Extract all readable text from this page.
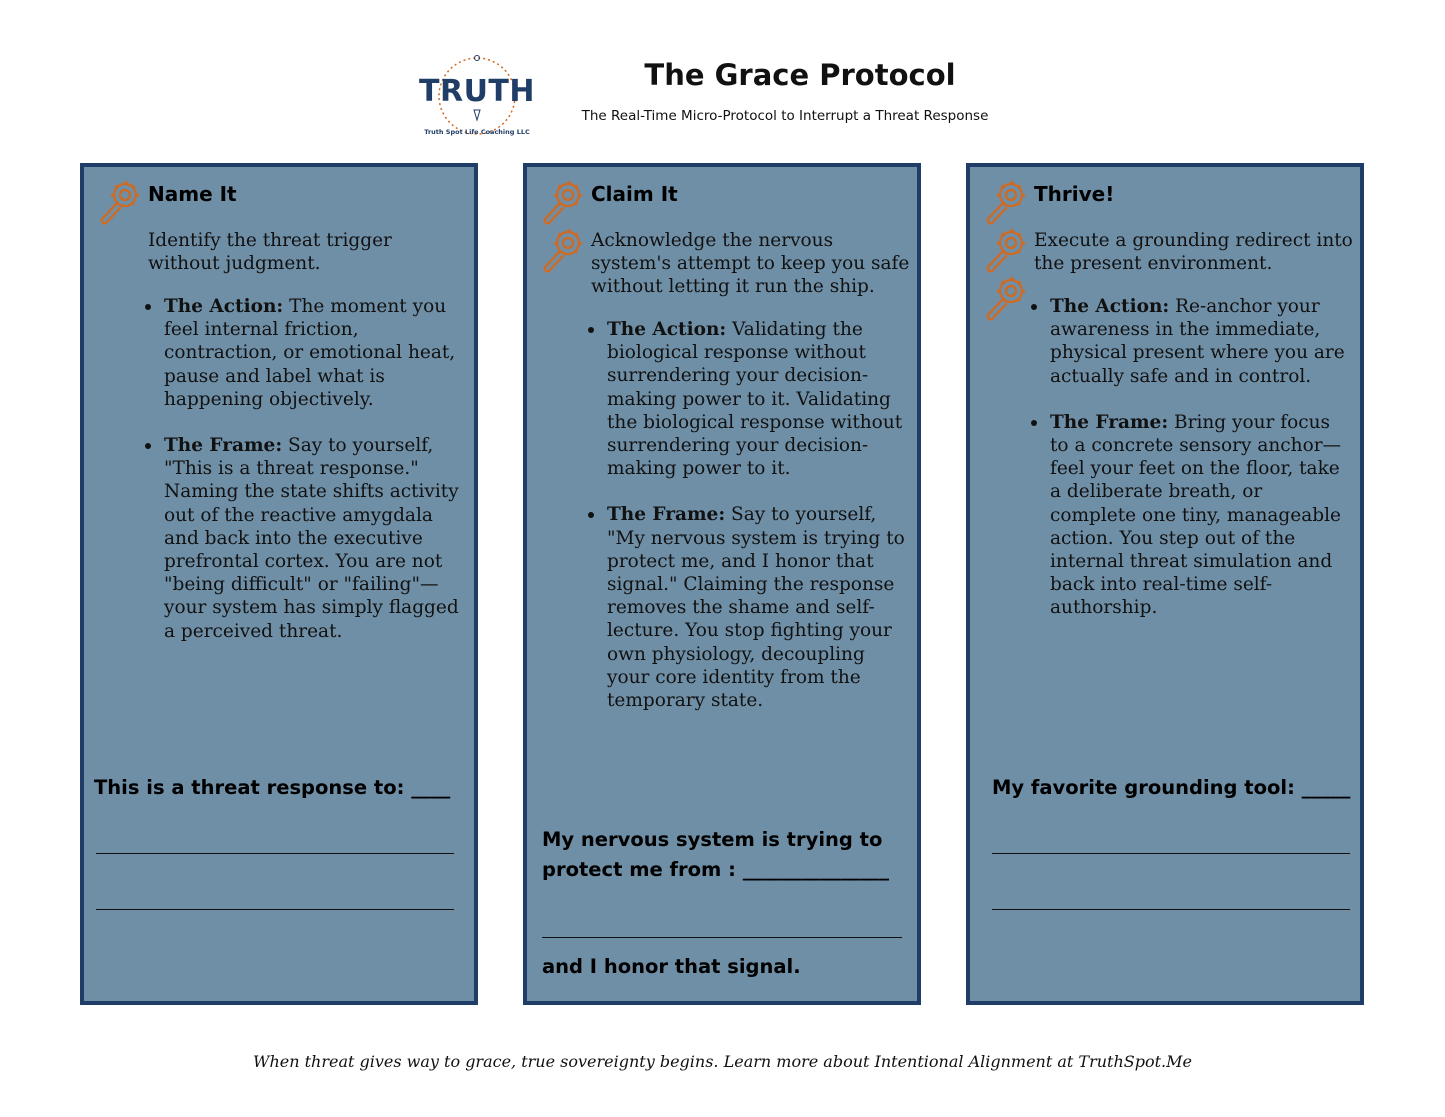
TRUTH
Truth Spot Life Coaching LLC
The Grace Protocol
The Real-Time Micro-Protocol to Interrupt a Threat Response
Name It
Identify the threat trigger without judgment.
The Action: The moment you feel internal friction, contraction, or emotional heat, pause and label what is happening objectively.
The Frame: Say to yourself, "This is a threat response." Naming the state shifts activity out of the reactive amygdala and back into the executive prefrontal cortex. You are not "being difficult" or "failing"—your system has simply flagged a perceived threat.
This is a threat response to: ____
Claim It
Acknowledge the nervous system's attempt to keep you safe without letting it run the ship.
The Action: Validating the biological response without surrendering your decision-making power to it. Validating the biological response without surrendering your decision-making power to it.
The Frame: Say to yourself, "My nervous system is trying to protect me, and I honor that signal." Claiming the response removes the shame and self-lecture. You stop fighting your own physiology, decoupling your core identity from the temporary state.
My nervous system is trying to protect me from : _______________
and I honor that signal.
Thrive!
Execute a grounding redirect into the present environment.
The Action: Re-anchor your awareness in the immediate, physical present where you are actually safe and in control.
The Frame: Bring your focus to a concrete sensory anchor—feel your feet on the floor, take a deliberate breath, or complete one tiny, manageable action. You step out of the internal threat simulation and back into real-time self-authorship.
My favorite grounding tool: _____
When threat gives way to grace, true sovereignty begins. Learn more about Intentional Alignment at TruthSpot.Me
